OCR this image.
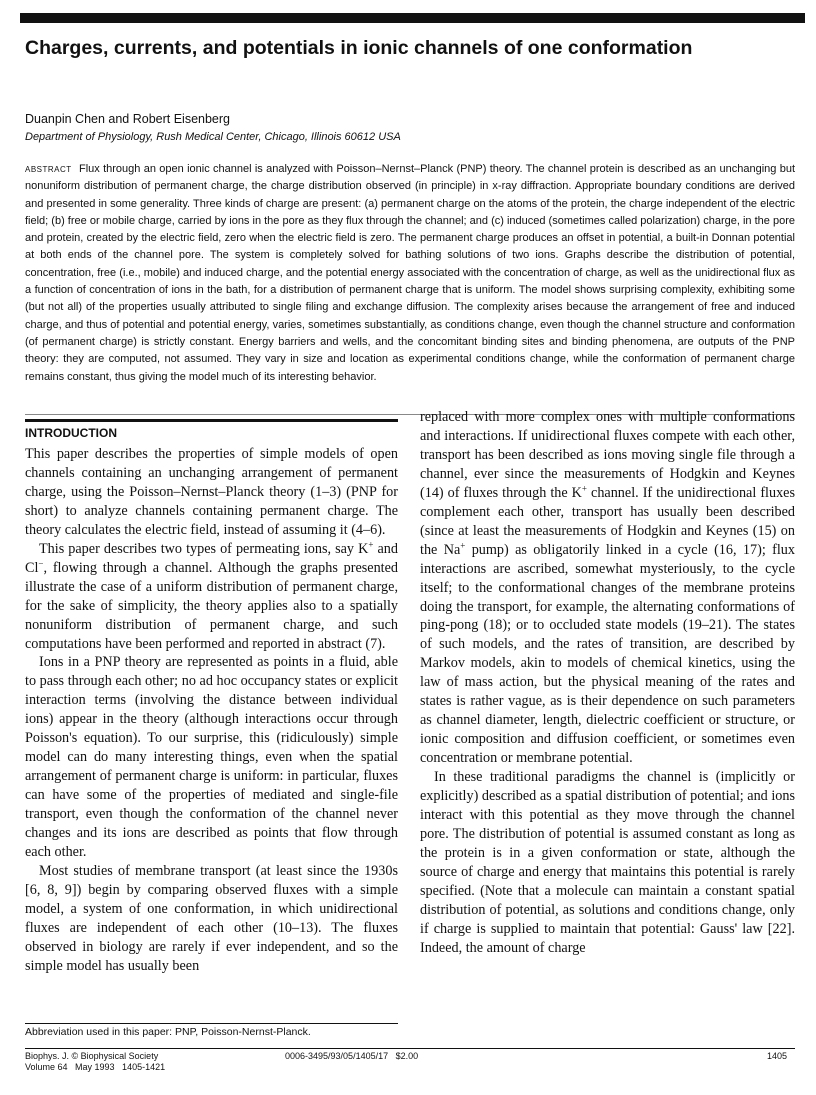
Charges, currents, and potentials in ionic channels of one conformation
Duanpin Chen and Robert Eisenberg
Department of Physiology, Rush Medical Center, Chicago, Illinois 60612 USA
ABSTRACT Flux through an open ionic channel is analyzed with Poisson–Nernst–Planck (PNP) theory. The channel protein is described as an unchanging but nonuniform distribution of permanent charge, the charge distribution observed (in principle) in x-ray diffraction. Appropriate boundary conditions are derived and presented in some generality. Three kinds of charge are present: (a) permanent charge on the atoms of the protein, the charge independent of the electric field; (b) free or mobile charge, carried by ions in the pore as they flux through the channel; and (c) induced (sometimes called polarization) charge, in the pore and protein, created by the electric field, zero when the electric field is zero. The permanent charge produces an offset in potential, a built-in Donnan potential at both ends of the channel pore. The system is completely solved for bathing solutions of two ions. Graphs describe the distribution of potential, concentration, free (i.e., mobile) and induced charge, and the potential energy associated with the concentration of charge, as well as the unidirectional flux as a function of concentration of ions in the bath, for a distribution of permanent charge that is uniform. The model shows surprising complexity, exhibiting some (but not all) of the properties usually attributed to single filing and exchange diffusion. The complexity arises because the arrangement of free and induced charge, and thus of potential and potential energy, varies, sometimes substantially, as conditions change, even though the channel structure and conformation (of permanent charge) is strictly constant. Energy barriers and wells, and the concomitant binding sites and binding phenomena, are outputs of the PNP theory: they are computed, not assumed. They vary in size and location as experimental conditions change, while the conformation of permanent charge remains constant, thus giving the model much of its interesting behavior.
INTRODUCTION

This paper describes the properties of simple models of open channels containing an unchanging arrangement of permanent charge, using the Poisson–Nernst–Planck theory (1–3) (PNP for short) to analyze channels containing permanent charge. The theory calculates the electric field, instead of assuming it (4–6).

This paper describes two types of permeating ions, say K+ and Cl−, flowing through a channel. Although the graphs presented illustrate the case of a uniform distribution of permanent charge, for the sake of simplicity, the theory applies also to a spatially nonuniform distribution of permanent charge, and such computations have been performed and reported in abstract (7).

Ions in a PNP theory are represented as points in a fluid, able to pass through each other; no ad hoc occupancy states or explicit interaction terms (involving the distance between individual ions) appear in the theory (although interactions occur through Poisson's equation). To our surprise, this (ridiculously) simple model can do many interesting things, even when the spatial arrangement of permanent charge is uniform: in particular, fluxes can have some of the properties of mediated and single-file transport, even though the conformation of the channel never changes and its ions are described as points that flow through each other.

Most studies of membrane transport (at least since the 1930s [6, 8, 9]) begin by comparing observed fluxes with a simple model, a system of one conformation, in which unidirectional fluxes are independent of each other (10–13). The fluxes observed in biology are rarely if ever independent, and so the simple model has usually been

replaced with more complex ones with multiple conformations and interactions. If unidirectional fluxes compete with each other, transport has been described as ions moving single file through a channel, ever since the measurements of Hodgkin and Keynes (14) of fluxes through the K+ channel. If the unidirectional fluxes complement each other, transport has usually been described (since at least the measurements of Hodgkin and Keynes (15) on the Na+ pump) as obligatorily linked in a cycle (16, 17); flux interactions are ascribed, somewhat mysteriously, to the cycle itself; to the conformational changes of the membrane proteins doing the transport, for example, the alternating conformations of ping-pong (18); or to occluded state models (19–21). The states of such models, and the rates of transition, are described by Markov models, akin to models of chemical kinetics, using the law of mass action, but the physical meaning of the rates and states is rather vague, as is their dependence on such parameters as channel diameter, length, dielectric coefficient or structure, or ionic composition and diffusion coefficient, or sometimes even concentration or membrane potential.

In these traditional paradigms the channel is (implicitly or explicitly) described as a spatial distribution of potential; and ions interact with this potential as they move through the channel pore. The distribution of potential is assumed constant as long as the protein is in a given conformation or state, although the source of charge and energy that maintains this potential is rarely specified. (Note that a molecule can maintain a constant spatial distribution of potential, as solutions and conditions change, only if charge is supplied to maintain that potential: Gauss' law [22]. Indeed, the amount of charge

Abbreviation used in this paper: PNP, Poisson-Nernst-Planck.
Biophys. J. © Biophysical Society
Volume 64   May 1993   1405-1421
0006-3495/93/05/1405/17   $2.00	1405
